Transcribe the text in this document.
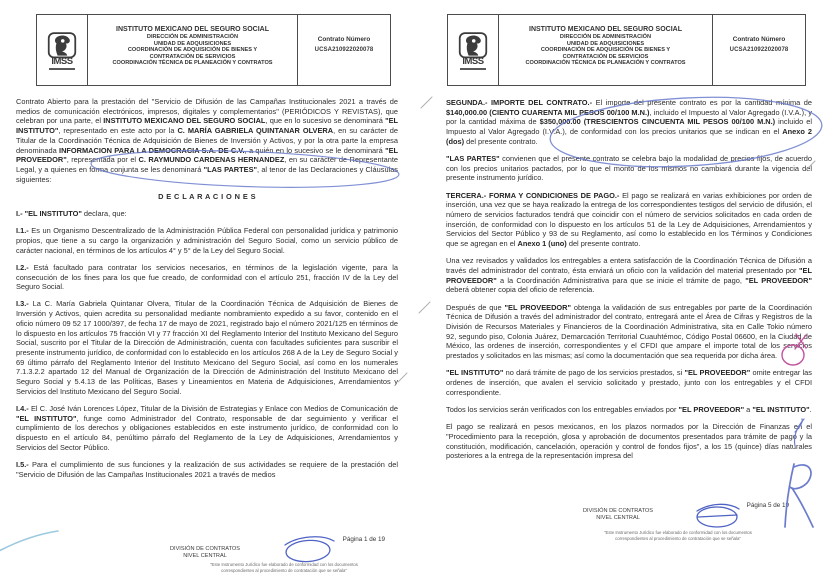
IMSS
INSTITUTO MEXICANO DEL SEGURO SOCIAL
DIRECCIÓN DE ADMINISTRACIÓN
UNIDAD DE ADQUISICIONES
COORDINACIÓN DE ADQUISICIÓN DE BIENES Y
CONTRATACIÓN DE SERVICIOS
COORDINACIÓN TÉCNICA DE PLANEACIÓN Y CONTRATOS
Contrato Número
UCSA210922020078
Contrato Abierto para la prestación del "Servicio de Difusión de las Campañas Institucionales 2021 a través de medios de comunicación electrónicos, impresos, digitales y complementarios" (PERIÓDICOS Y REVISTAS), que celebran por una parte, el INSTITUTO MEXICANO DEL SEGURO SOCIAL, que en lo sucesivo se denominará "EL INSTITUTO", representado en este acto por la C. MARÍA GABRIELA QUINTANAR OLVERA, en su carácter de Titular de la Coordinación Técnica de Adquisición de Bienes de Inversión y Activos, y por la otra parte la empresa denominada INFORMACION PARA LA DEMOCRACIA S.A. DE C.V., a quién en lo sucesivo se le denominará "EL PROVEEDOR", representada por el C. RAYMUNDO CARDENAS HERNANDEZ, en su carácter de Representante Legal, y a quienes en forma conjunta se les denominará "LAS PARTES", al tenor de las Declaraciones y Cláusulas siguientes:
D E C L A R A C I O N E S
I.- "EL INSTITUTO" declara, que:
I.1.- Es un Organismo Descentralizado de la Administración Pública Federal con personalidad jurídica y patrimonio propios, que tiene a su cargo la organización y administración del Seguro Social, como un servicio público de carácter nacional, en términos de los artículos 4° y 5° de la Ley del Seguro Social.
I.2.- Está facultado para contratar los servicios necesarios, en términos de la legislación vigente, para la consecución de los fines para los que fue creado, de conformidad con el artículo 251, fracción IV de la Ley del Seguro Social.
I.3.- La C. María Gabriela Quintanar Olvera, Titular de la Coordinación Técnica de Adquisición de Bienes de Inversión y Activos, quien acredita su personalidad mediante nombramiento expedido a su favor, contenido en el oficio número 09 52 17 1000/397, de fecha 17 de mayo de 2021, registrado bajo el número 2021/125 en términos de lo dispuesto en los artículos 75 fracción VI y 77 fracción XI del Reglamento Interior del Instituto Mexicano del Seguro Social, suscrito por el Titular de la Dirección de Administración, cuenta con facultades suficientes para suscribir el presente instrumento jurídico, de conformidad con lo establecido en los artículos 268 A de la Ley de Seguro Social y 69 último párrafo del Reglamento Interior del Instituto Mexicano del Seguro Social, así como en los numerales 7.1.3.2.2 apartado 12 del Manual de Organización de la Dirección de Administración del Instituto Mexicano del Seguro Social y 5.4.13 de las Políticas, Bases y Lineamientos en Materia de Adquisiciones, Arrendamientos y Servicios del Instituto Mexicano del Seguro Social.
I.4.- El C. José Iván Lorences López, Titular de la División de Estrategias y Enlace con Medios de Comunicación de "EL INSTITUTO", funge como Administrador del Contrato, responsable de dar seguimiento y verificar el cumplimiento de los derechos y obligaciones establecidos en este instrumento jurídico, de conformidad con lo dispuesto en el artículo 84, penúltimo párrafo del Reglamento de la Ley de Adquisiciones, Arrendamientos y Servicios del Sector Público.
I.5.- Para el cumplimiento de sus funciones y la realización de sus actividades se requiere de la prestación del "Servicio de Difusión de las Campañas Institucionales 2021 a través de medios
DIVISIÓN DE CONTRATOS
NIVEL CENTRAL
Página 1 de 19
"Este Instrumento Jurídico fue elaborado de conformidad con los documentos correspondientes al procedimiento de contratación que se señala"
IMSS
INSTITUTO MEXICANO DEL SEGURO SOCIAL
DIRECCIÓN DE ADMINISTRACIÓN
UNIDAD DE ADQUISICIONES
COORDINACIÓN DE ADQUISICIÓN DE BIENES Y
CONTRATACIÓN DE SERVICIOS
COORDINACIÓN TÉCNICA DE PLANEACIÓN Y CONTRATOS
Contrato Número
UCSA210922020078
SEGUNDA.- IMPORTE DEL CONTRATO.- El importe del presente contrato es por la cantidad mínima de $140,000.00 (CIENTO CUARENTA MIL PESOS 00/100 M.N.), incluido el Impuesto al Valor Agregado (I.V.A.), y por la cantidad máxima de $350,000.00 (TRESCIENTOS CINCUENTA MIL PESOS 00/100 M.N.) incluido el Impuesto al Valor Agregado (I.V.A.), de conformidad con los precios unitarios que se indican en el Anexo 2 (dos) del presente contrato.
"LAS PARTES" convienen que el presente contrato se celebra bajo la modalidad de precios fijos, de acuerdo con los precios unitarios pactados, por lo que el monto de los mismos no cambiará durante la vigencia del presente instrumento jurídico.
TERCERA.- FORMA Y CONDICIONES DE PAGO.- El pago se realizará en varias exhibiciones por orden de inserción, una vez que se haya realizado la entrega de los correspondientes testigos del servicio de difusión, el número de servicios facturados tendrá que coincidir con el número de servicios solicitados en cada orden de inserción, de conformidad con lo dispuesto en los artículos 51 de la Ley de Adquisiciones, Arrendamientos y Servicios del Sector Público y 93 de su Reglamento, así como lo establecido en los Términos y Condiciones que se agregan en el Anexo 1 (uno) del presente contrato.
Una vez revisados y validados los entregables a entera satisfacción de la Coordinación Técnica de Difusión a través del administrador del contrato, ésta enviará un oficio con la validación del material presentado por "EL PROVEEDOR" a la Coordinación Administrativa para que se inicie el trámite de pago, "EL PROVEEDOR" deberá obtener copia del oficio de referencia.
Después de que "EL PROVEEDOR" obtenga la validación de sus entregables por parte de la Coordinación Técnica de Difusión a través del administrador del contrato, entregará ante el Área de Cifras y Registros de la División de Recursos Materiales y Financieros de la Coordinación Administrativa, sita en Calle Tokio número 92, segundo piso, Colonia Juárez, Demarcación Territorial Cuauhtémoc, Código Postal 06600, en la Ciudad de México, las ordenes de inserción, correspondientes y el CFDI que ampare el importe total de los servicios prestados y solicitados en las mismas; así como la documentación que sea requerida por dicha área.
"EL INSTITUTO" no dará trámite de pago de los servicios prestados, si "EL PROVEEDOR" omite entregar las ordenes de inserción, que avalen el servicio solicitado y prestado, junto con los entregables y el CFDI correspondiente.
Todos los servicios serán verificados con los entregables enviados por "EL PROVEEDOR" a "EL INSTITUTO".
El pago se realizará en pesos mexicanos, en los plazos normados por la Dirección de Finanzas en el "Procedimiento para la recepción, glosa y aprobación de documentos presentados para trámite de pago y la constitución, modificación, cancelación, operación y control de fondos fijos", a los 15 (quince) días naturales posteriores a la entrega de la representación impresa del
DIVISIÓN DE CONTRATOS
NIVEL CENTRAL
Página 5 de 19
"Este Instrumento Jurídico fue elaborado de conformidad con los documentos correspondientes al procedimiento de contratación que se señala"
